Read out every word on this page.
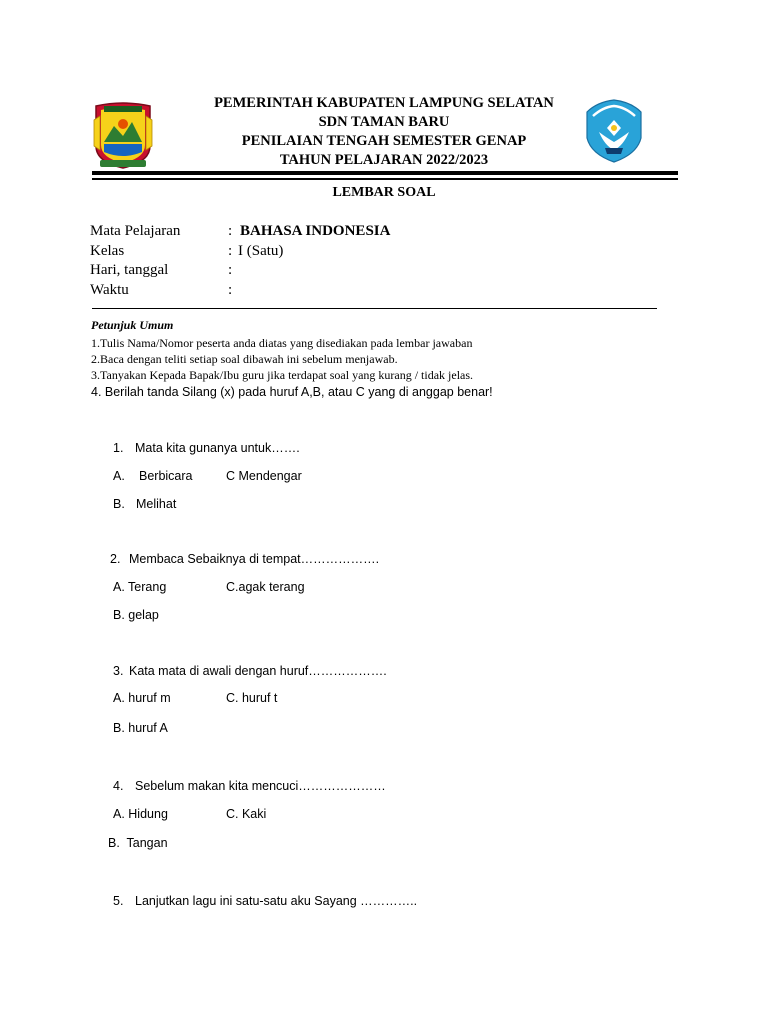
PEMERINTAH KABUPATEN LAMPUNG SELATAN
SDN TAMAN BARU
PENILAIAN TENGAH SEMESTER GENAP
TAHUN PELAJARAN 2022/2023
LEMBAR SOAL
Mata Pelajaran	: BAHASA INDONESIA
Kelas	: I (Satu)
Hari, tanggal	:
Waktu	:
Petunjuk Umum
1.Tulis Nama/Nomor peserta anda diatas yang disediakan pada lembar jawaban
2.Baca dengan teliti setiap soal dibawah ini sebelum menjawab.
3.Tanyakan Kepada Bapak/Ibu guru jika terdapat soal yang kurang / tidak jelas.
4. Berilah tanda Silang (x) pada huruf A,B, atau C yang di anggap benar!
1. Mata kita gunanya untuk…….
A. Berbicara	C Mendengar
B. Melihat
2. Membaca Sebaiknya di tempat……………….
A. Terang	C.agak terang
B. gelap
3. Kata mata di awali dengan huruf……………….
A. huruf m	C. huruf t
B. huruf A
4. Sebelum makan kita mencuci…………………
A. Hidung	C. Kaki
B.  Tangan
5. Lanjutkan lagu ini satu-satu aku Sayang …………..
